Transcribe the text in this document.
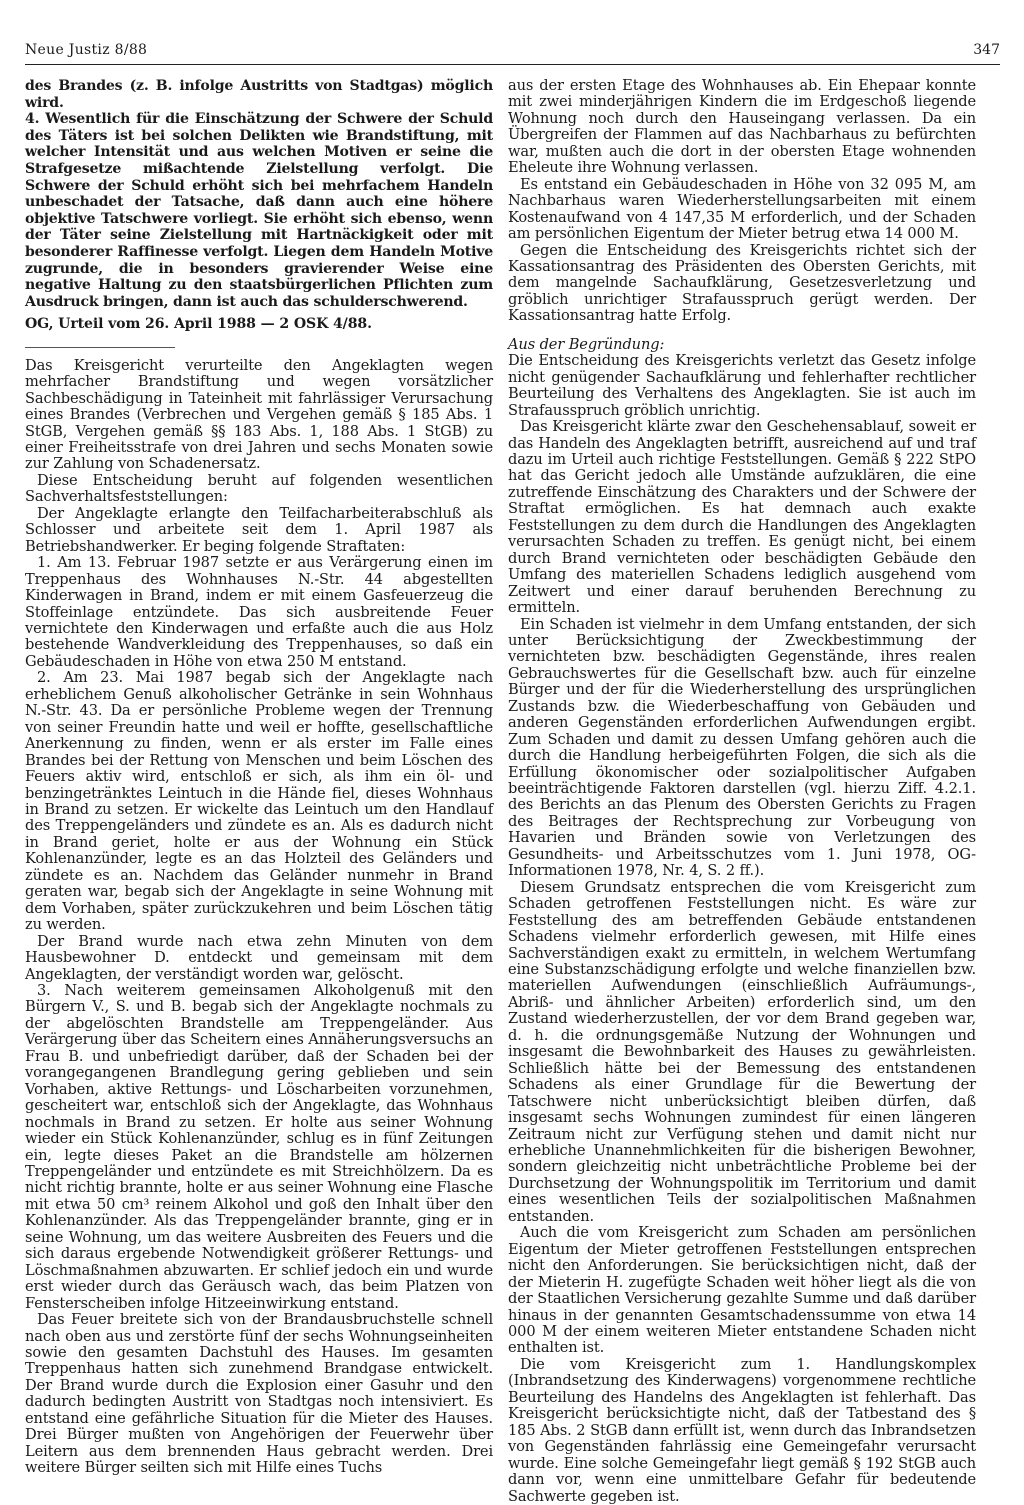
Neue Justiz 8/88	347

des Brandes (z. B. infolge Austritts von Stadtgas) möglich wird.

4. Wesentlich für die Einschätzung der Schwere der Schuld des Täters ist bei solchen Delikten wie Brandstiftung, mit welcher Intensität und aus welchen Motiven er seine die Strafgesetze mißachtende Zielstellung verfolgt. Die Schwere der Schuld erhöht sich bei mehrfachem Handeln unbeschadet der Tatsache, daß dann auch eine höhere objektive Tatschwere vorliegt. Sie erhöht sich ebenso, wenn der Täter seine Zielstellung mit Hartnäckigkeit oder mit besonderer Raffinesse verfolgt. Liegen dem Handeln Motive zugrunde, die in besonders gravierender Weise eine negative Haltung zu den staatsbürgerlichen Pflichten zum Ausdruck bringen, dann ist auch das schulderschwerend.

OG, Urteil vom 26. April 1988 — 2 OSK 4/88.

Das Kreisgericht verurteilte den Angeklagten wegen mehrfacher Brandstiftung und wegen vorsätzlicher Sachbeschädigung in Tateinheit mit fahrlässiger Verursachung eines Brandes (Verbrechen und Vergehen gemäß § 185 Abs. 1 StGB, Vergehen gemäß §§ 183 Abs. 1, 188 Abs. 1 StGB) zu einer Freiheitsstrafe von drei Jahren und sechs Monaten sowie zur Zahlung von Schadenersatz.

Diese Entscheidung beruht auf folgenden wesentlichen Sachverhaltsfeststellungen:

Der Angeklagte erlangte den Teilfacharbeiterabschluß als Schlosser und arbeitete seit dem 1. April 1987 als Betriebshandwerker. Er beging folgende Straftaten:

1. Am 13. Februar 1987 setzte er aus Verärgerung einen im Treppenhaus des Wohnhauses N.-Str. 44 abgestellten Kinderwagen in Brand, indem er mit einem Gasfeuerzeug die Stoffeinlage entzündete. Das sich ausbreitende Feuer vernichtete den Kinderwagen und erfaßte auch die aus Holz bestehende Wandverkleidung des Treppenhauses, so daß ein Gebäudeschaden in Höhe von etwa 250 M entstand.

2. Am 23. Mai 1987 begab sich der Angeklagte nach erheblichem Genuß alkoholischer Getränke in sein Wohnhaus N.-Str. 43. Da er persönliche Probleme wegen der Trennung von seiner Freundin hatte und weil er hoffte, gesellschaftliche Anerkennung zu finden, wenn er als erster im Falle eines Brandes bei der Rettung von Menschen und beim Löschen des Feuers aktiv wird, entschloß er sich, als ihm ein öl- und benzingetränktes Leintuch in die Hände fiel, dieses Wohnhaus in Brand zu setzen. Er wickelte das Leintuch um den Handlauf des Treppengeländers und zündete es an. Als es dadurch nicht in Brand geriet, holte er aus der Wohnung ein Stück Kohlenanzünder, legte es an das Holzteil des Geländers und zündete es an. Nachdem das Geländer nunmehr in Brand geraten war, begab sich der Angeklagte in seine Wohnung mit dem Vorhaben, später zurückzukehren und beim Löschen tätig zu werden.

Der Brand wurde nach etwa zehn Minuten von dem Hausbewohner D. entdeckt und gemeinsam mit dem Angeklagten, der verständigt worden war, gelöscht.

3. Nach weiterem gemeinsamen Alkoholgenuß mit den Bürgern V., S. und B. begab sich der Angeklagte nochmals zu der abgelöschten Brandstelle am Treppengeländer. Aus Verärgerung über das Scheitern eines Annäherungsversuchs an Frau B. und unbefriedigt darüber, daß der Schaden bei der vorangegangenen Brandlegung gering geblieben und sein Vorhaben, aktive Rettungs- und Löscharbeiten vorzunehmen, gescheitert war, entschloß sich der Angeklagte, das Wohnhaus nochmals in Brand zu setzen. Er holte aus seiner Wohnung wieder ein Stück Kohlenanzünder, schlug es in fünf Zeitungen ein, legte dieses Paket an die Brandstelle am hölzernen Treppengeländer und entzündete es mit Streichhölzern. Da es nicht richtig brannte, holte er aus seiner Wohnung eine Flasche mit etwa 50 cm³ reinem Alkohol und goß den Inhalt über den Kohlenanzünder. Als das Treppengeländer brannte, ging er in seine Wohnung, um das weitere Ausbreiten des Feuers und die sich daraus ergebende Notwendigkeit größerer Rettungs- und Löschmaßnahmen abzuwarten. Er schlief jedoch ein und wurde erst wieder durch das Geräusch wach, das beim Platzen von Fensterscheiben infolge Hitzeeinwirkung entstand.

Das Feuer breitete sich von der Brandausbruchstelle schnell nach oben aus und zerstörte fünf der sechs Wohnungseinheiten sowie den gesamten Dachstuhl des Hauses. Im gesamten Treppenhaus hatten sich zunehmend Brandgase entwickelt. Der Brand wurde durch die Explosion einer Gasuhr und den dadurch bedingten Austritt von Stadtgas noch intensiviert. Es entstand eine gefährliche Situation für die Mieter des Hauses. Drei Bürger mußten von Angehörigen der Feuerwehr über Leitern aus dem brennenden Haus gebracht werden. Drei weitere Bürger seilten sich mit Hilfe eines Tuchs

aus der ersten Etage des Wohnhauses ab. Ein Ehepaar konnte mit zwei minderjährigen Kindern die im Erdgeschoß liegende Wohnung noch durch den Hauseingang verlassen. Da ein Übergreifen der Flammen auf das Nachbarhaus zu befürchten war, mußten auch die dort in der obersten Etage wohnenden Eheleute ihre Wohnung verlassen.

Es entstand ein Gebäudeschaden in Höhe von 32 095 M, am Nachbarhaus waren Wiederherstellungsarbeiten mit einem Kostenaufwand von 4 147,35 M erforderlich, und der Schaden am persönlichen Eigentum der Mieter betrug etwa 14 000 M.

Gegen die Entscheidung des Kreisgerichts richtet sich der Kassationsantrag des Präsidenten des Obersten Gerichts, mit dem mangelnde Sachaufklärung, Gesetzesverletzung und gröblich unrichtiger Strafausspruch gerügt werden. Der Kassationsantrag hatte Erfolg.

Aus der Begründung:

Die Entscheidung des Kreisgerichts verletzt das Gesetz infolge nicht genügender Sachaufklärung und fehlerhafter rechtlicher Beurteilung des Verhaltens des Angeklagten. Sie ist auch im Strafausspruch gröblich unrichtig.

Das Kreisgericht klärte zwar den Geschehensablauf, soweit er das Handeln des Angeklagten betrifft, ausreichend auf und traf dazu im Urteil auch richtige Feststellungen. Gemäß § 222 StPO hat das Gericht jedoch alle Umstände aufzuklären, die eine zutreffende Einschätzung des Charakters und der Schwere der Straftat ermöglichen. Es hat demnach auch exakte Feststellungen zu dem durch die Handlungen des Angeklagten verursachten Schaden zu treffen. Es genügt nicht, bei einem durch Brand vernichteten oder beschädigten Gebäude den Umfang des materiellen Schadens lediglich ausgehend vom Zeitwert und einer darauf beruhenden Berechnung zu ermitteln.

Ein Schaden ist vielmehr in dem Umfang entstanden, der sich unter Berücksichtigung der Zweckbestimmung der vernichteten bzw. beschädigten Gegenstände, ihres realen Gebrauchswertes für die Gesellschaft bzw. auch für einzelne Bürger und der für die Wiederherstellung des ursprünglichen Zustands bzw. die Wiederbeschaffung von Gebäuden und anderen Gegenständen erforderlichen Aufwendungen ergibt. Zum Schaden und damit zu dessen Umfang gehören auch die durch die Handlung herbeigeführten Folgen, die sich als die Erfüllung ökonomischer oder sozialpolitischer Aufgaben beeinträchtigende Faktoren darstellen (vgl. hierzu Ziff. 4.2.1. des Berichts an das Plenum des Obersten Gerichts zu Fragen des Beitrages der Rechtsprechung zur Vorbeugung von Havarien und Bränden sowie von Verletzungen des Gesundheits- und Arbeitsschutzes vom 1. Juni 1978, OG-Informationen 1978, Nr. 4, S. 2 ff.).

Diesem Grundsatz entsprechen die vom Kreisgericht zum Schaden getroffenen Feststellungen nicht. Es wäre zur Feststellung des am betreffenden Gebäude entstandenen Schadens vielmehr erforderlich gewesen, mit Hilfe eines Sachverständigen exakt zu ermitteln, in welchem Wertumfang eine Substanzschädigung erfolgte und welche finanziellen bzw. materiellen Aufwendungen (einschließlich Aufräumungs-, Abriß- und ähnlicher Arbeiten) erforderlich sind, um den Zustand wiederherzustellen, der vor dem Brand gegeben war, d. h. die ordnungsgemäße Nutzung der Wohnungen und insgesamt die Bewohnbarkeit des Hauses zu gewährleisten. Schließlich hätte bei der Bemessung des entstandenen Schadens als einer Grundlage für die Bewertung der Tatschwere nicht unberücksichtigt bleiben dürfen, daß insgesamt sechs Wohnungen zumindest für einen längeren Zeitraum nicht zur Verfügung stehen und damit nicht nur erhebliche Unannehmlichkeiten für die bisherigen Bewohner, sondern gleichzeitig nicht unbeträchtliche Probleme bei der Durchsetzung der Wohnungspolitik im Territorium und damit eines wesentlichen Teils der sozialpolitischen Maßnahmen entstanden.

Auch die vom Kreisgericht zum Schaden am persönlichen Eigentum der Mieter getroffenen Feststellungen entsprechen nicht den Anforderungen. Sie berücksichtigen nicht, daß der der Mieterin H. zugefügte Schaden weit höher liegt als die von der Staatlichen Versicherung gezahlte Summe und daß darüber hinaus in der genannten Gesamtschadenssumme von etwa 14 000 M der einem weiteren Mieter entstandene Schaden nicht enthalten ist.

Die vom Kreisgericht zum 1. Handlungskomplex (Inbrandsetzung des Kinderwagens) vorgenommene rechtliche Beurteilung des Handelns des Angeklagten ist fehlerhaft. Das Kreisgericht berücksichtigte nicht, daß der Tatbestand des § 185 Abs. 2 StGB dann erfüllt ist, wenn durch das Inbrandsetzen von Gegenständen fahrlässig eine Gemeingefahr verursacht wurde. Eine solche Gemeingefahr liegt gemäß § 192 StGB auch dann vor, wenn eine unmittelbare Gefahr für bedeutende Sachwerte gegeben ist.
